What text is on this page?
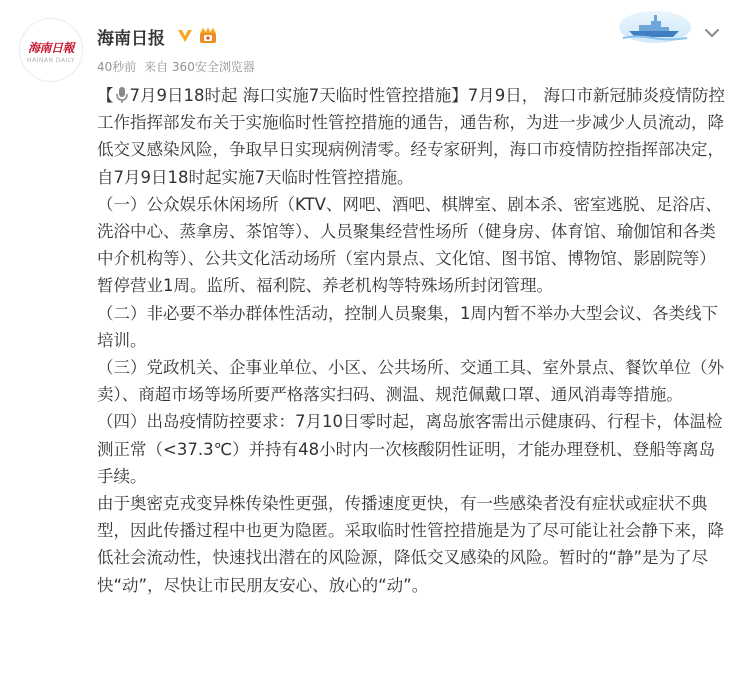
海南日報
HAINAN DAILY
海南日报
40秒前 来自 360安全浏览器

【 7月9日18时起 海口实施7天临时性管控措施】7月9日， 海口市新冠肺炎疫情防控工作指挥部发布关于实施临时性管控措施的通告，通告称，为进一步减少人员流动，降低交叉感染风险，争取早日实现病例清零。经专家研判，海口市疫情防控指挥部决定，自7月9日18时起实施7天临时性管控措施。

（一）公众娱乐休闲场所（KTV、网吧、酒吧、棋牌室、剧本杀、密室逃脱、足浴店、洗浴中心、蒸拿房、茶馆等）、人员聚集经营性场所（健身房、体育馆、瑜伽馆和各类中介机构等）、公共文化活动场所（室内景点、文化馆、图书馆、博物馆、影剧院等）暂停营业1周。监所、福利院、养老机构等特殊场所封闭管理。

（二）非必要不举办群体性活动，控制人员聚集，1周内暂不举办大型会议、各类线下培训。

（三）党政机关、企事业单位、小区、公共场所、交通工具、室外景点、餐饮单位（外卖）、商超市场等场所要严格落实扫码、测温、规范佩戴口罩、通风消毒等措施。

（四）出岛疫情防控要求：7月10日零时起，离岛旅客需出示健康码、行程卡，体温检测正常（<37.3℃）并持有48小时内一次核酸阴性证明，才能办理登机、登船等离岛手续。

由于奥密克戎变异株传染性更强，传播速度更快，有一些感染者没有症状或症状不典型，因此传播过程中也更为隐匿。采取临时性管控措施是为了尽可能让社会静下来，降低社会流动性，快速找出潜在的风险源，降低交叉感染的风险。暂时的“静”是为了尽快“动”，尽快让市民朋友安心、放心的“动”。
